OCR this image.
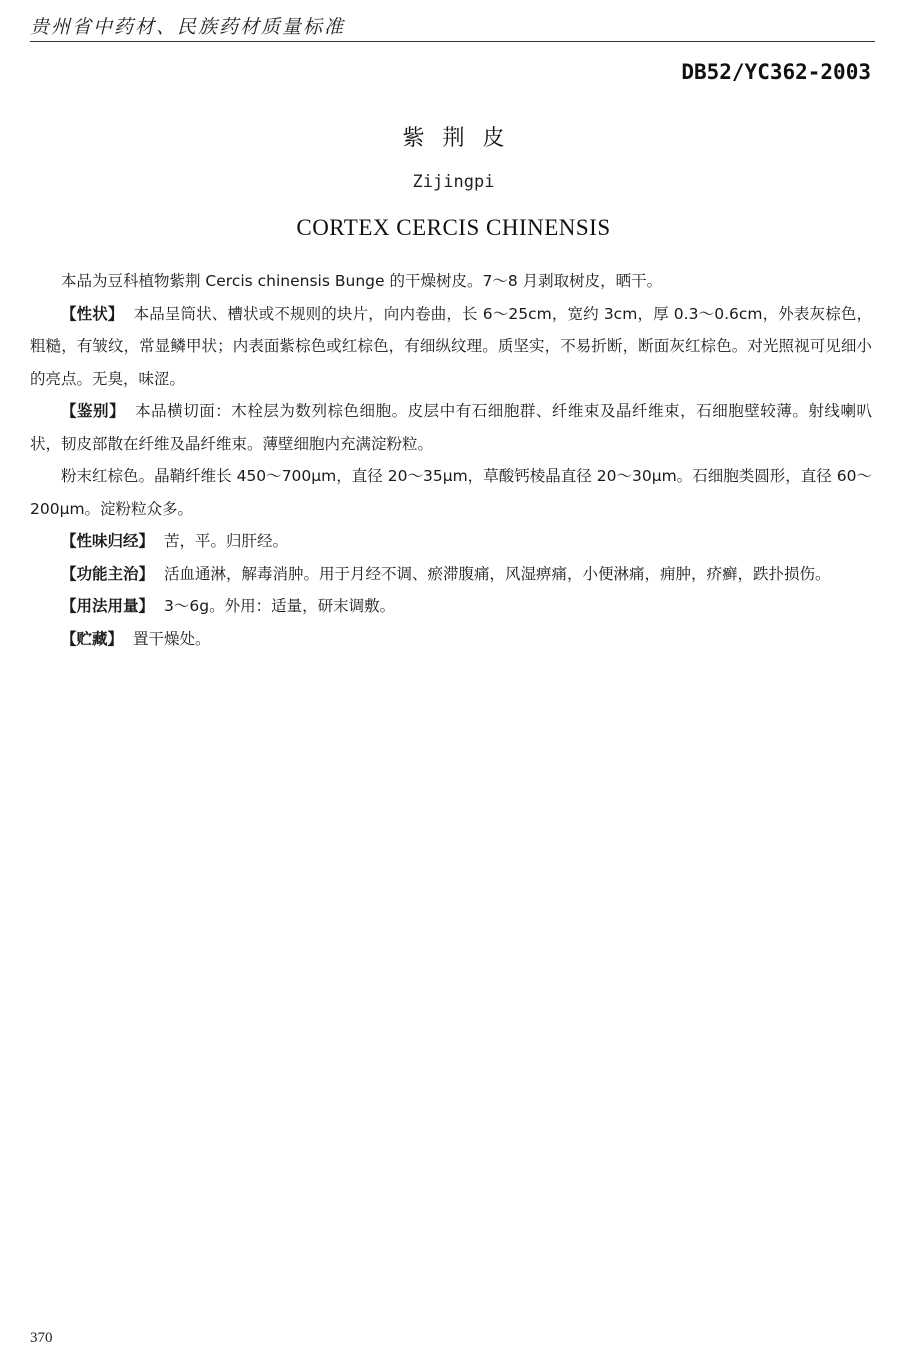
贵州省中药材、民族药材质量标准
DB52/YC362-2003
紫荆皮
Zijingpi
CORTEX CERCIS CHINENSIS

本品为豆科植物紫荆 Cercis chinensis Bunge 的干燥树皮。7～8 月剥取树皮，晒干。

【性状】 本品呈筒状、槽状或不规则的块片，向内卷曲，长 6～25cm，宽约 3cm，厚 0.3～0.6cm，外表灰棕色，粗糙，有皱纹，常显鳞甲状；内表面紫棕色或红棕色，有细纵纹理。质坚实，不易折断，断面灰红棕色。对光照视可见细小的亮点。无臭，味涩。

【鉴别】 本品横切面：木栓层为数列棕色细胞。皮层中有石细胞群、纤维束及晶纤维束，石细胞壁较薄。射线喇叭状，韧皮部散在纤维及晶纤维束。薄壁细胞内充满淀粉粒。

粉末红棕色。晶鞘纤维长 450～700μm，直径 20～35μm，草酸钙棱晶直径 20～30μm。石细胞类圆形，直径 60～200μm。淀粉粒众多。

【性味归经】 苦，平。归肝经。

【功能主治】 活血通淋，解毒消肿。用于月经不调、瘀滞腹痛，风湿痹痛，小便淋痛，痈肿，疥癣，跌扑损伤。

【用法用量】 3～6g。外用：适量，研末调敷。

【贮藏】 置干燥处。

370
